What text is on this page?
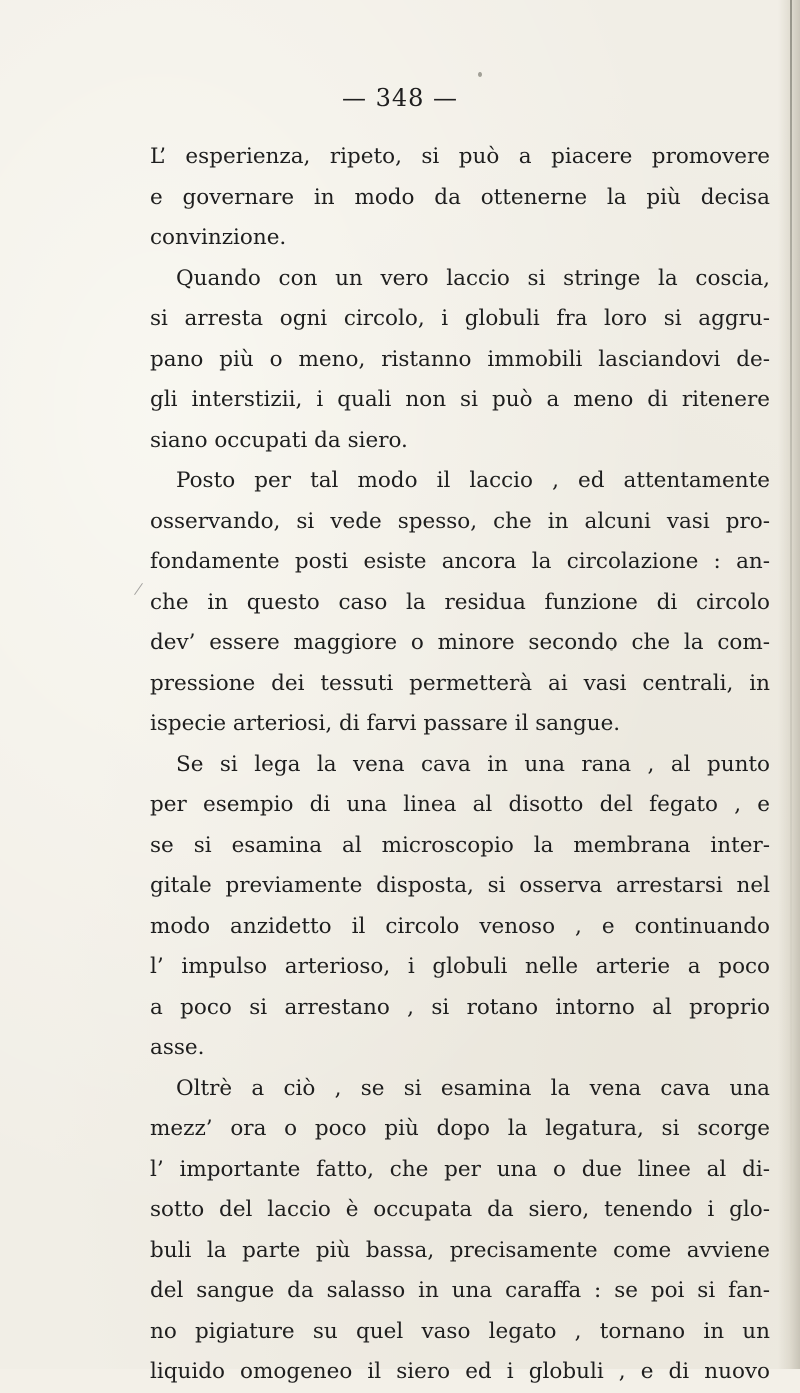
— 348 —
L’ esperienza, ripeto, si può a piacere promovere
e governare in modo da ottenerne la più decisa
convinzione.
Quando con un vero laccio si stringe la coscia,
si arresta ogni circolo, i globuli fra loro si aggru-
pano più o meno, ristanno immobili lasciandovi de-
gli interstizii, i quali non si può a meno di ritenere
siano occupati da siero.
Posto per tal modo il laccio , ed attentamente
osservando, si vede spesso, che in alcuni vasi pro-
fondamente posti esiste ancora la circolazione : an-
che in questo caso la residua funzione di circolo
dev’ essere maggiore o minore secondo che la com-
pressione dei tessuti permetterà ai vasi centrali, in
ispecie arteriosi, di farvi passare il sangue.
Se si lega la vena cava in una rana , al punto
per esempio di una linea al disotto del fegato , e
se si esamina al microscopio la membrana inter-
gitale previamente disposta, si osserva arrestarsi nel
modo anzidetto il circolo venoso , e continuando
l’ impulso arterioso, i globuli nelle arterie a poco
a poco si arrestano , si rotano intorno al proprio
asse.
Oltrè a ciò , se si esamina la vena cava una
mezz’ ora o poco più dopo la legatura, si scorge
l’ importante fatto, che per una o due linee al di-
sotto del laccio è occupata da siero, tenendo i glo-
buli la parte più bassa, precisamente come avviene
del sangue da salasso in una caraffa : se poi si fan-
no pigiature su quel vaso legato , tornano in un
liquido omogeneo il siero ed i globuli , e di nuovo
